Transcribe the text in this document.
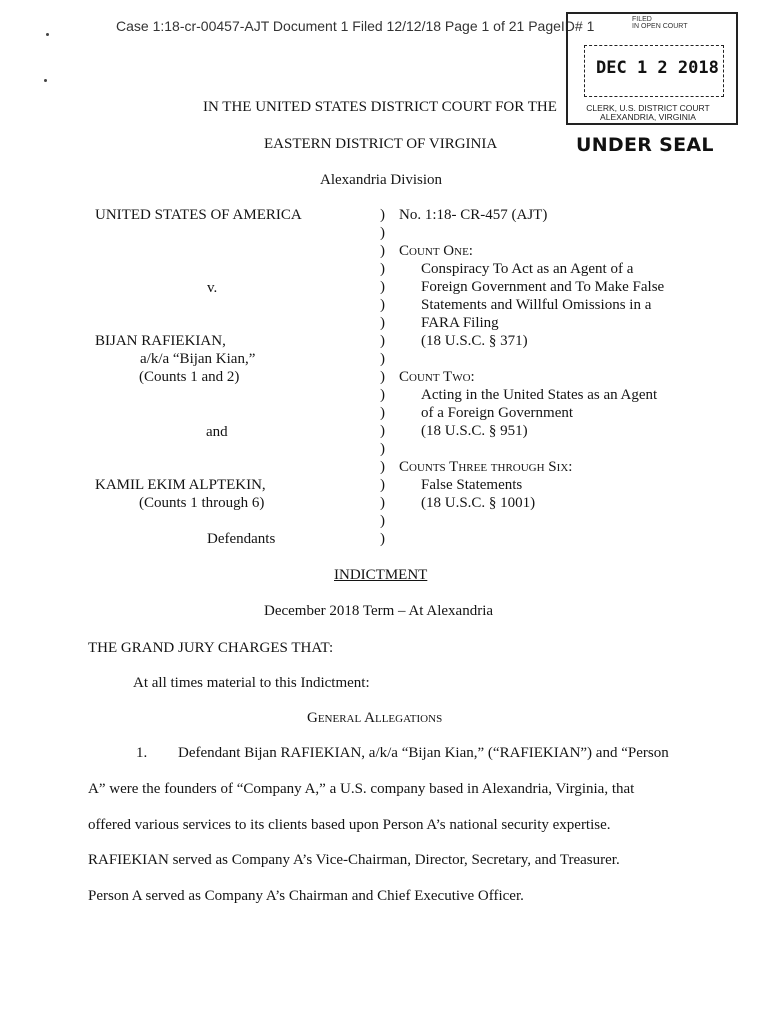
Case 1:18-cr-00457-AJT Document 1 Filed 12/12/18 Page 1 of 21 PageID# 1	FILED
IN OPEN COURT
DEC 1 2 2018
CLERK, U.S. DISTRICT COURT
ALEXANDRIA, VIRGINIA
UNDER SEAL
IN THE UNITED STATES DISTRICT COURT FOR THE
EASTERN DISTRICT OF VIRGINIA
Alexandria Division
UNITED STATES OF AMERICA
v.
BIJAN RAFIEKIAN,
a/k/a “Bijan Kian,”
(Counts 1 and 2)
and
KAMIL EKIM ALPTEKIN,
(Counts 1 through 6)
Defendants
)
)
)
)
)
)
)
)
)
)
)
)
)
)
)
)
)
)
)
No. 1:18- CR-457 (AJT)
Count One:
Conspiracy To Act as an Agent of a
Foreign Government and To Make False
Statements and Willful Omissions in a
FARA Filing
(18 U.S.C. § 371)
Count Two:
Acting in the United States as an Agent
of a Foreign Government
(18 U.S.C. § 951)
Counts Three through Six:
False Statements
(18 U.S.C. § 1001)
INDICTMENT
December 2018 Term – At Alexandria
THE GRAND JURY CHARGES THAT:
At all times material to this Indictment:
General Allegations
1. Defendant Bijan RAFIEKIAN, a/k/a “Bijan Kian,” (“RAFIEKIAN”) and “Person
A” were the founders of “Company A,” a U.S. company based in Alexandria, Virginia, that
offered various services to its clients based upon Person A’s national security expertise.
RAFIEKIAN served as Company A’s Vice-Chairman, Director, Secretary, and Treasurer.
Person A served as Company A’s Chairman and Chief Executive Officer.
